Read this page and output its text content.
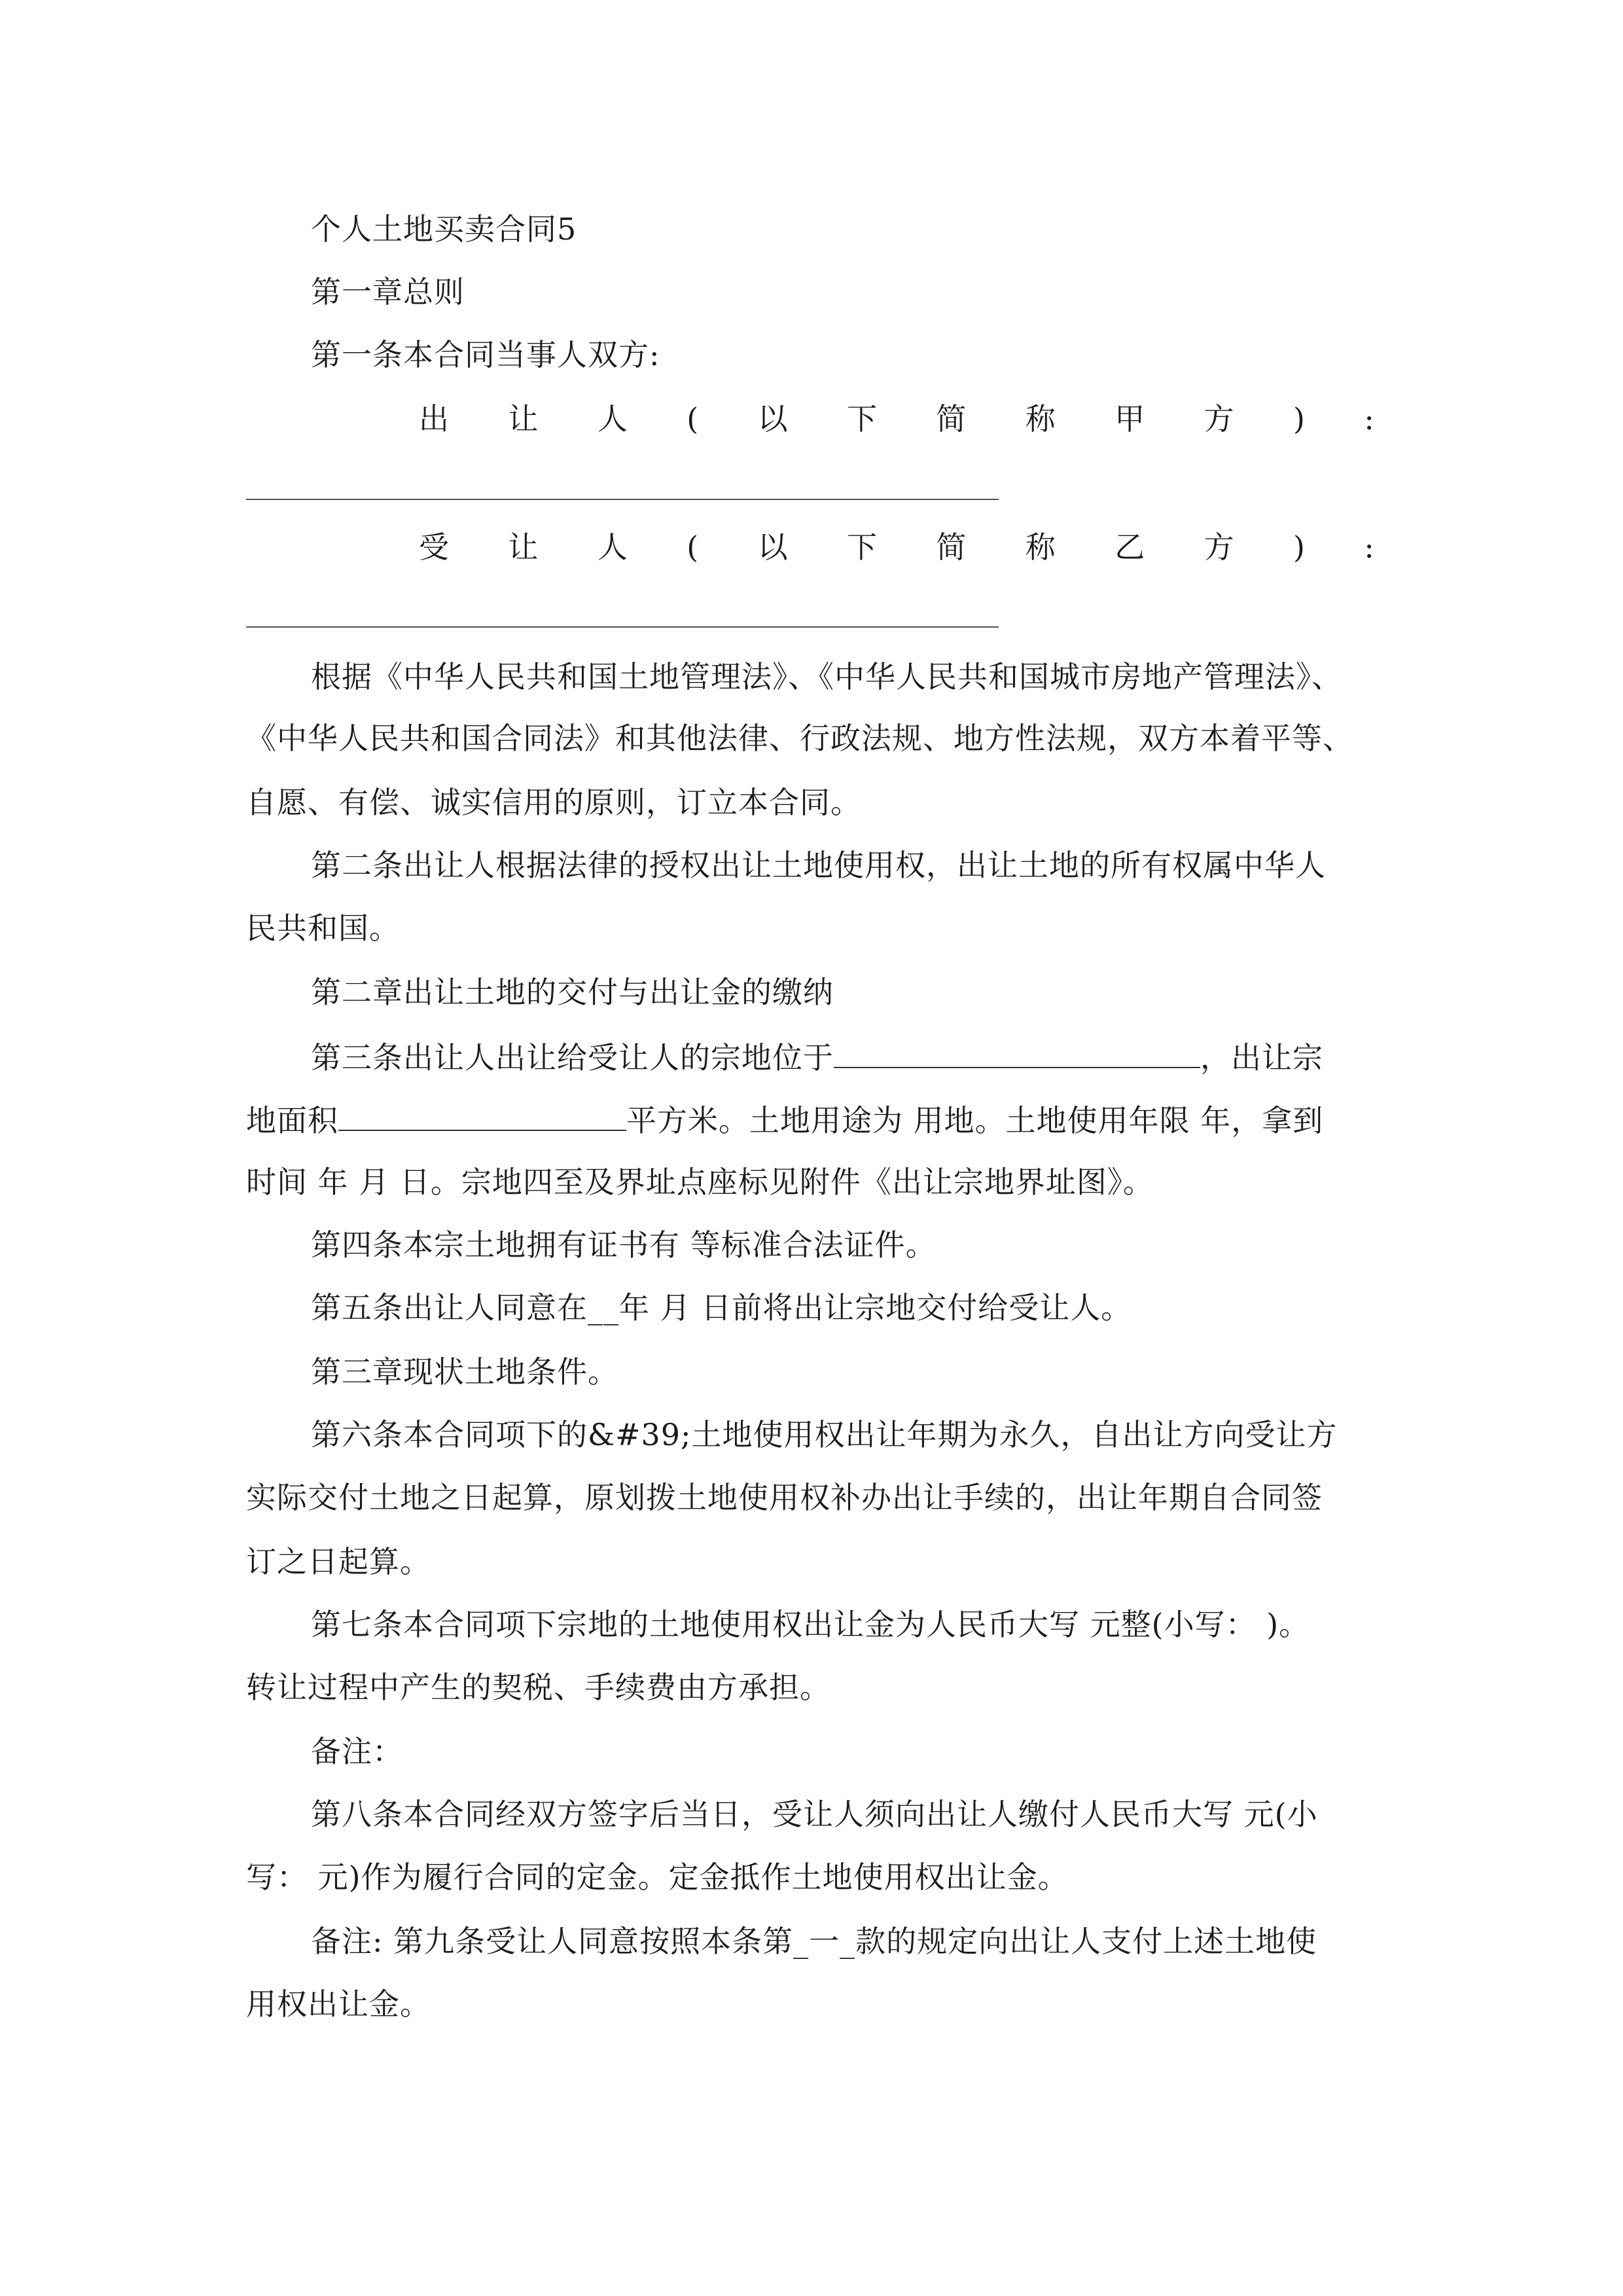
个人土地买卖合同5
第一章总则
第一条本合同当事人双方:
出 让 人 ( 以 下 简 称 甲 方 ) :
受 让 人 ( 以 下 简 称 乙 方 ) :
根据《中华人民共和国土地管理法》、《中华人民共和国城市房地产管理法》、
《中华人民共和国合同法》和其他法律、行政法规、地方性法规，双方本着平等、
自愿、有偿、诚实信用的原则，订立本合同。
第二条出让人根据法律的授权出让土地使用权，出让土地的所有权属中华人
民共和国。
第二章出让土地的交付与出让金的缴纳
第三条出让人出让给受让人的宗地位于	，出让宗
地面积	平方米。土地用途为 用地。土地使用年限 年，拿到
时间 年 月 日。宗地四至及界址点座标见附件《出让宗地界址图》。
第四条本宗土地拥有证书有 等标准合法证件。
第五条出让人同意在__年 月 日前将出让宗地交付给受让人。
第三章现状土地条件。
第六条本合同项下的&#39;土地使用权出让年期为永久，自出让方向受让方
实际交付土地之日起算，原划拨土地使用权补办出让手续的，出让年期自合同签
订之日起算。
第七条本合同项下宗地的土地使用权出让金为人民币大写 元整(小写： )。
转让过程中产生的契税、手续费由方承担。
备注：
第八条本合同经双方签字后当日，受让人须向出让人缴付人民币大写 元(小
写： 元)作为履行合同的定金。定金抵作土地使用权出让金。
备注: 第九条受让人同意按照本条第_一_款的规定向出让人支付上述土地使
用权出让金。
